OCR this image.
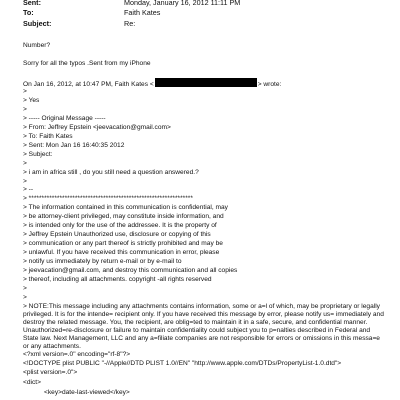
Sent:	Monday, January 16, 2012 11:11 PM
To:	Faith Kates
Subject:	Re:
Number?
Sorry for all the typos .Sent from my iPhone
On Jan 16, 2012, at 10:47 PM, Faith Kates <	> wrote:
>
> Yes
>
> ----- Original Message -----
> From: Jeffrey Epstein <jeevacation@gmail.com>
> To: Faith Kates
> Sent: Mon Jan 16 16:40:35 2012
> Subject:
>
> i am in africa still , do you still need a question answered.?
>
> --
> ****************************************************************
> The information contained in this communication is confidential, may
> be attorney-client privileged, may constitute inside information, and
> is intended only for the use of the addressee. It is the property of
> Jeffrey Epstein Unauthorized use, disclosure or copying of this
> communication or any part thereof is strictly prohibited and may be
> unlawful. If you have received this communication in error, please
> notify us immediately by return e-mail or by e-mail to
> jeevacation@gmail.com, and destroy this communication and all copies
> thereof, including all attachments. copyright -all rights reserved
>
>
> NOTE:This message including any attachments contains information, some or a=l of which, may be proprietary or legally privileged. It is for the intende= recipient only. If you have received this message by error, please notify us= immediately and destroy the related message. You, the recipient, are oblig=ted to maintain it in a safe, secure, and confidential manner. Unauthorized=re-disclosure or failure to maintain confidentiality could subject you to p=nalties described in Federal and State law. Next Management, LLC and any a=filiate companies are not responsible for errors or omissions in this messa=e or any attachments.
<?xml version=.0" encoding="rf-8"?>
<!DOCTYPE plist PUBLIC "-//Apple//DTD PLIST 1.0//EN" "http://www.apple.com/DTDs/PropertyList-1.0.dtd">
<plist version=.0">
<dict>
<key>date-last-viewed</key>
